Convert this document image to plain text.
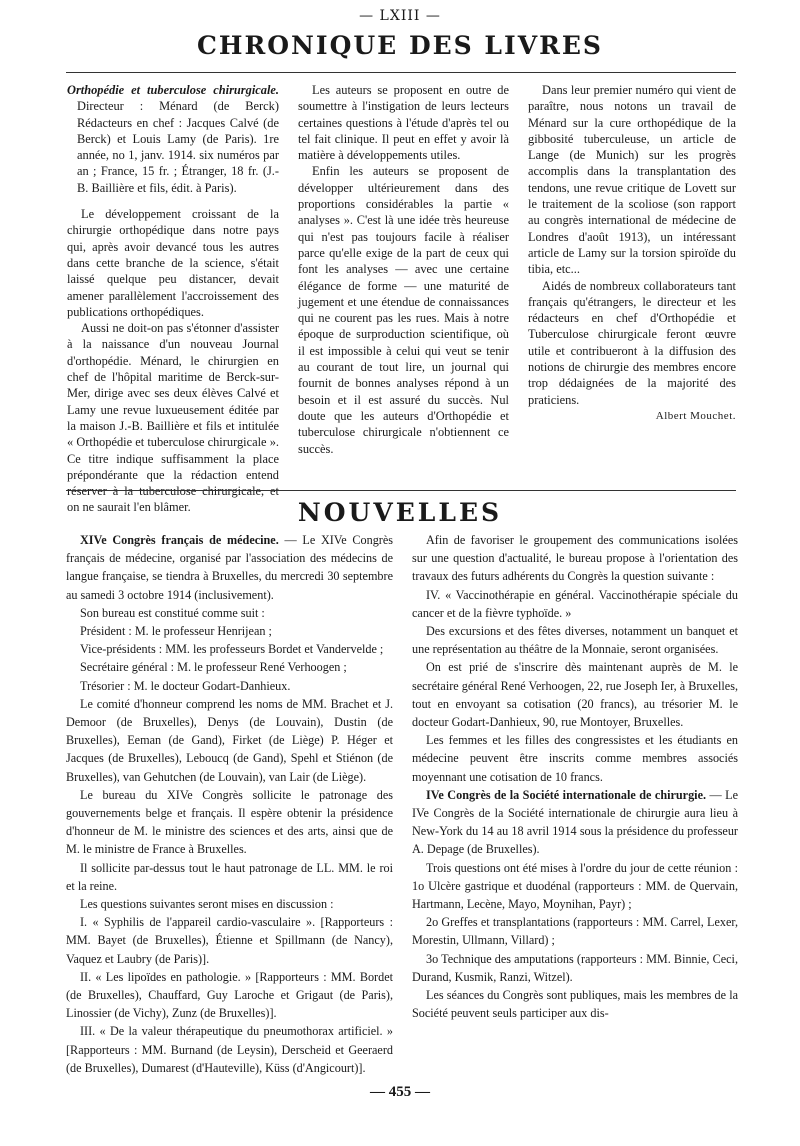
— LXIII —
CHRONIQUE DES LIVRES

Orthopédie et tuberculose chirurgicale. Directeur : Ménard (de Berck) Rédacteurs en chef : Jacques Calvé (de Berck) et Louis Lamy (de Paris). 1re année, no 1, janv. 1914. six numéros par an ; France, 15 fr. ; Étranger, 18 fr. (J.-B. Baillière et fils, édit. à Paris).

Le développement croissant de la chirurgie orthopédique dans notre pays qui, après avoir devancé tous les autres dans cette branche de la science, s'était laissé quelque peu distancer, devait amener parallèlement l'accroissement des publications orthopédiques.

Aussi ne doit-on pas s'étonner d'assister à la naissance d'un nouveau Journal d'orthopédie. Ménard, le chirurgien en chef de l'hôpital maritime de Berck-sur-Mer, dirige avec ses deux élèves Calvé et Lamy une revue luxueusement éditée par la maison J.-B. Baillière et fils et intitulée « Orthopédie et tuberculose chirurgicale ». Ce titre indique suffisamment la place prépondérante que la rédaction entend réserver à la tuberculose chirurgicale, et on ne saurait l'en blâmer.

Les auteurs se proposent en outre de soumettre à l'instigation de leurs lecteurs certaines questions à l'étude d'après tel ou tel fait clinique. Il peut en effet y avoir là matière à développements utiles.

Enfin les auteurs se proposent de développer ultérieurement dans des proportions considérables la partie « analyses ». C'est là une idée très heureuse qui n'est pas toujours facile à réaliser parce qu'elle exige de la part de ceux qui font les analyses — avec une certaine élégance de forme — une maturité de jugement et une étendue de connaissances qui ne courent pas les rues. Mais à notre époque de surproduction scientifique, où il est impossible à celui qui veut se tenir au courant de tout lire, un journal qui fournit de bonnes analyses répond à un besoin et il est assuré du succès. Nul doute que les auteurs d'Orthopédie et tuberculose chirurgicale n'obtiennent ce succès.

Dans leur premier numéro qui vient de paraître, nous notons un travail de Ménard sur la cure orthopédique de la gibbosité tuberculeuse, un article de Lange (de Munich) sur les progrès accomplis dans la transplantation des tendons, une revue critique de Lovett sur le traitement de la scoliose (son rapport au congrès international de médecine de Londres d'août 1913), un intéressant article de Lamy sur la torsion spiroïde du tibia, etc...

Aidés de nombreux collaborateurs tant français qu'étrangers, le directeur et les rédacteurs en chef d'Orthopédie et Tuberculose chirurgicale feront œuvre utile et contribueront à la diffusion des notions de chirurgie des membres encore trop dédaignées de la majorité des praticiens.

Albert Mouchet.

NOUVELLES

XIVe Congrès français de médecine. — Le XIVe Congrès français de médecine, organisé par l'association des médecins de langue française, se tiendra à Bruxelles, du mercredi 30 septembre au samedi 3 octobre 1914 (inclusivement).

Son bureau est constitué comme suit :

Président : M. le professeur Henrijean ;

Vice-présidents : MM. les professeurs Bordet et Vandervelde ;

Secrétaire général : M. le professeur René Verhoogen ;

Trésorier : M. le docteur Godart-Danhieux.

Le comité d'honneur comprend les noms de MM. Brachet et J. Demoor (de Bruxelles), Denys (de Louvain), Dustin (de Bruxelles), Eeman (de Gand), Firket (de Liège) P. Héger et Jacques (de Bruxelles), Leboucq (de Gand), Spehl et Stiénon (de Bruxelles), van Gehutchen (de Louvain), van Lair (de Liège).

Le bureau du XIVe Congrès sollicite le patronage des gouvernements belge et français. Il espère obtenir la présidence d'honneur de M. le ministre des sciences et des arts, ainsi que de M. le ministre de France à Bruxelles.

Il sollicite par-dessus tout le haut patronage de LL. MM. le roi et la reine.

Les questions suivantes seront mises en discussion :

I. « Syphilis de l'appareil cardio-vasculaire ». [Rapporteurs : MM. Bayet (de Bruxelles), Étienne et Spillmann (de Nancy), Vaquez et Laubry (de Paris)].

II. « Les lipoïdes en pathologie. » [Rapporteurs : MM. Bordet (de Bruxelles), Chauffard, Guy Laroche et Grigaut (de Paris), Linossier (de Vichy), Zunz (de Bruxelles)].

III. « De la valeur thérapeutique du pneumothorax artificiel. » [Rapporteurs : MM. Burnand (de Leysin), Derscheid et Geeraerd (de Bruxelles), Dumarest (d'Hauteville), Küss (d'Angicourt)].

Afin de favoriser le groupement des communications isolées sur une question d'actualité, le bureau propose à l'orientation des travaux des futurs adhérents du Congrès la question suivante :

IV. « Vaccinothérapie en général. Vaccinothérapie spéciale du cancer et de la fièvre typhoïde. »

Des excursions et des fêtes diverses, notamment un banquet et une représentation au théâtre de la Monnaie, seront organisées.

On est prié de s'inscrire dès maintenant auprès de M. le secrétaire général René Verhoogen, 22, rue Joseph Ier, à Bruxelles, tout en envoyant sa cotisation (20 francs), au trésorier M. le docteur Godart-Danhieux, 90, rue Montoyer, Bruxelles.

Les femmes et les filles des congressistes et les étudiants en médecine peuvent être inscrits comme membres associés moyennant une cotisation de 10 francs.

IVe Congrès de la Société internationale de chirurgie. — Le IVe Congrès de la Société internationale de chirurgie aura lieu à New-York du 14 au 18 avril 1914 sous la présidence du professeur A. Depage (de Bruxelles).

Trois questions ont été mises à l'ordre du jour de cette réunion : 1o Ulcère gastrique et duodénal (rapporteurs : MM. de Quervain, Hartmann, Lecène, Mayo, Moynihan, Payr) ;

2o Greffes et transplantations (rapporteurs : MM. Carrel, Lexer, Morestin, Ullmann, Villard) ;

3o Technique des amputations (rapporteurs : MM. Binnie, Ceci, Durand, Kusmik, Ranzi, Witzel).

Les séances du Congrès sont publiques, mais les membres de la Société peuvent seuls participer aux dis-

— 455 —
